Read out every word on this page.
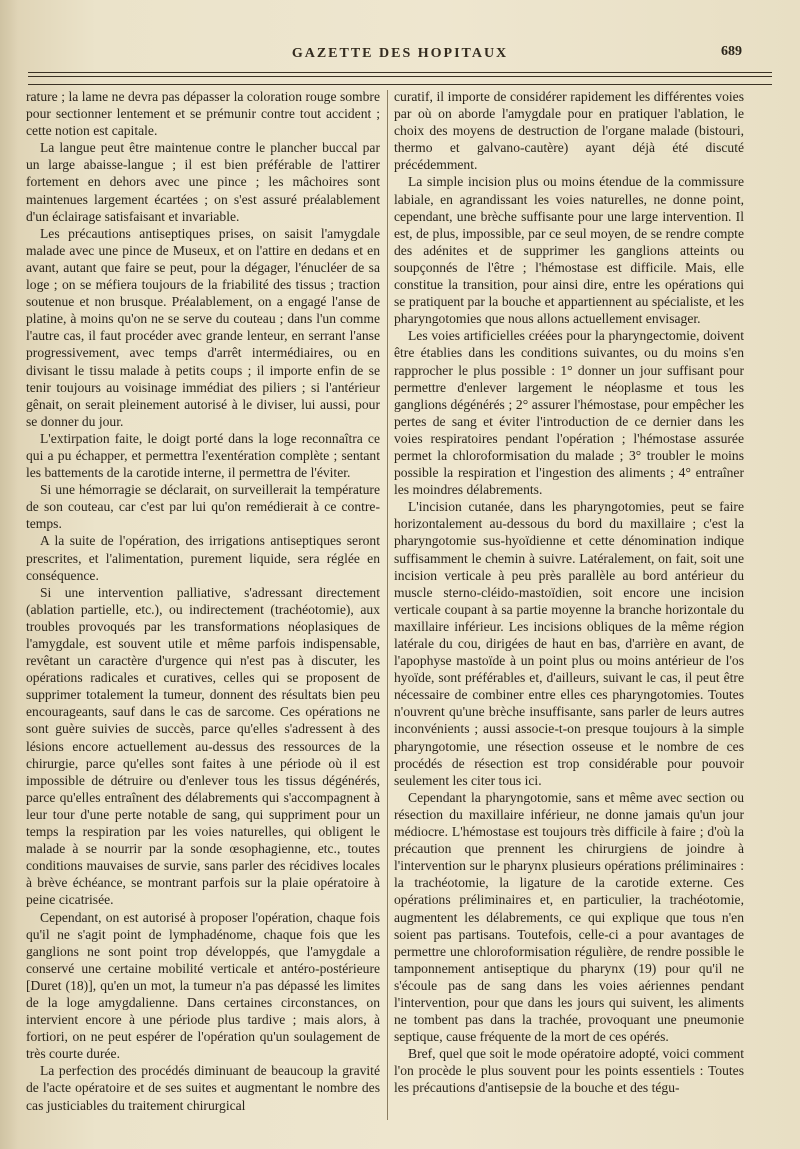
GAZETTE DES HOPITAUX	689

rature ; la lame ne devra pas dépasser la coloration rouge sombre pour sectionner lentement et se prémunir contre tout accident ; cette notion est capitale.

La langue peut être maintenue contre le plancher buccal par un large abaisse-langue ; il est bien préférable de l'attirer fortement en dehors avec une pince ; les mâchoires sont maintenues largement écartées ; on s'est assuré préalablement d'un éclairage satisfaisant et invariable.

Les précautions antiseptiques prises, on saisit l'amygdale malade avec une pince de Museux, et on l'attire en dedans et en avant, autant que faire se peut, pour la dégager, l'énucléer de sa loge ; on se méfiera toujours de la friabilité des tissus ; traction soutenue et non brusque. Préalablement, on a engagé l'anse de platine, à moins qu'on ne se serve du couteau ; dans l'un comme l'autre cas, il faut procéder avec grande lenteur, en serrant l'anse progressivement, avec temps d'arrêt intermédiaires, ou en divisant le tissu malade à petits coups ; il importe enfin de se tenir toujours au voisinage immédiat des piliers ; si l'antérieur gênait, on serait pleinement autorisé à le diviser, lui aussi, pour se donner du jour.

L'extirpation faite, le doigt porté dans la loge reconnaîtra ce qui a pu échapper, et permettra l'exentération complète ; sentant les battements de la carotide interne, il permettra de l'éviter.

Si une hémorragie se déclarait, on surveillerait la température de son couteau, car c'est par lui qu'on remédierait à ce contre-temps.

A la suite de l'opération, des irrigations antiseptiques seront prescrites, et l'alimentation, purement liquide, sera réglée en conséquence.

Si une intervention palliative, s'adressant directement (ablation partielle, etc.), ou indirectement (trachéotomie), aux troubles provoqués par les transformations néoplasiques de l'amygdale, est souvent utile et même parfois indispensable, revêtant un caractère d'urgence qui n'est pas à discuter, les opérations radicales et curatives, celles qui se proposent de supprimer totalement la tumeur, donnent des résultats bien peu encourageants, sauf dans le cas de sarcome. Ces opérations ne sont guère suivies de succès, parce qu'elles s'adressent à des lésions encore actuellement au-dessus des ressources de la chirurgie, parce qu'elles sont faites à une période où il est impossible de détruire ou d'enlever tous les tissus dégénérés, parce qu'elles entraînent des délabrements qui s'accompagnent à leur tour d'une perte notable de sang, qui suppriment pour un temps la respiration par les voies naturelles, qui obligent le malade à se nourrir par la sonde œsophagienne, etc., toutes conditions mauvaises de survie, sans parler des récidives locales à brève échéance, se montrant parfois sur la plaie opératoire à peine cicatrisée.

Cependant, on est autorisé à proposer l'opération, chaque fois qu'il ne s'agit point de lymphadénome, chaque fois que les ganglions ne sont point trop développés, que l'amygdale a conservé une certaine mobilité verticale et antéro-postérieure [Duret (18)], qu'en un mot, la tumeur n'a pas dépassé les limites de la loge amygdalienne. Dans certaines circonstances, on intervient encore à une période plus tardive ; mais alors, à fortiori, on ne peut espérer de l'opération qu'un soulagement de très courte durée.

La perfection des procédés diminuant de beaucoup la gravité de l'acte opératoire et de ses suites et augmentant le nombre des cas justiciables du traitement chirurgical

curatif, il importe de considérer rapidement les différentes voies par où on aborde l'amygdale pour en pratiquer l'ablation, le choix des moyens de destruction de l'organe malade (bistouri, thermo et galvano-cautère) ayant déjà été discuté précédemment.

La simple incision plus ou moins étendue de la commissure labiale, en agrandissant les voies naturelles, ne donne point, cependant, une brèche suffisante pour une large intervention. Il est, de plus, impossible, par ce seul moyen, de se rendre compte des adénites et de supprimer les ganglions atteints ou soupçonnés de l'être ; l'hémostase est difficile. Mais, elle constitue la transition, pour ainsi dire, entre les opérations qui se pratiquent par la bouche et appartiennent au spécialiste, et les pharyngotomies que nous allons actuellement envisager.

Les voies artificielles créées pour la pharyngectomie, doivent être établies dans les conditions suivantes, ou du moins s'en rapprocher le plus possible : 1° donner un jour suffisant pour permettre d'enlever largement le néoplasme et tous les ganglions dégénérés ; 2° assurer l'hémostase, pour empêcher les pertes de sang et éviter l'introduction de ce dernier dans les voies respiratoires pendant l'opération ; l'hémostase assurée permet la chloroformisation du malade ; 3° troubler le moins possible la respiration et l'ingestion des aliments ; 4° entraîner les moindres délabrements.

L'incision cutanée, dans les pharyngotomies, peut se faire horizontalement au-dessous du bord du maxillaire ; c'est la pharyngotomie sus-hyoïdienne et cette dénomination indique suffisamment le chemin à suivre. Latéralement, on fait, soit une incision verticale à peu près parallèle au bord antérieur du muscle sterno-cléido-mastoïdien, soit encore une incision verticale coupant à sa partie moyenne la branche horizontale du maxillaire inférieur. Les incisions obliques de la même région latérale du cou, dirigées de haut en bas, d'arrière en avant, de l'apophyse mastoïde à un point plus ou moins antérieur de l'os hyoïde, sont préférables et, d'ailleurs, suivant le cas, il peut être nécessaire de combiner entre elles ces pharyngotomies. Toutes n'ouvrent qu'une brèche insuffisante, sans parler de leurs autres inconvénients ; aussi associe-t-on presque toujours à la simple pharyngotomie, une résection osseuse et le nombre de ces procédés de résection est trop considérable pour pouvoir seulement les citer tous ici.

Cependant la pharyngotomie, sans et même avec section ou résection du maxillaire inférieur, ne donne jamais qu'un jour médiocre. L'hémostase est toujours très difficile à faire ; d'où la précaution que prennent les chirurgiens de joindre à l'intervention sur le pharynx plusieurs opérations préliminaires : la trachéotomie, la ligature de la carotide externe. Ces opérations préliminaires et, en particulier, la trachéotomie, augmentent les délabrements, ce qui explique que tous n'en soient pas partisans. Toutefois, celle-ci a pour avantages de permettre une chloroformisation régulière, de rendre possible le tamponnement antiseptique du pharynx (19) pour qu'il ne s'écoule pas de sang dans les voies aériennes pendant l'intervention, pour que dans les jours qui suivent, les aliments ne tombent pas dans la trachée, provoquant une pneumonie septique, cause fréquente de la mort de ces opérés.

Bref, quel que soit le mode opératoire adopté, voici comment l'on procède le plus souvent pour les points essentiels : Toutes les précautions d'antisepsie de la bouche et des tégu-
